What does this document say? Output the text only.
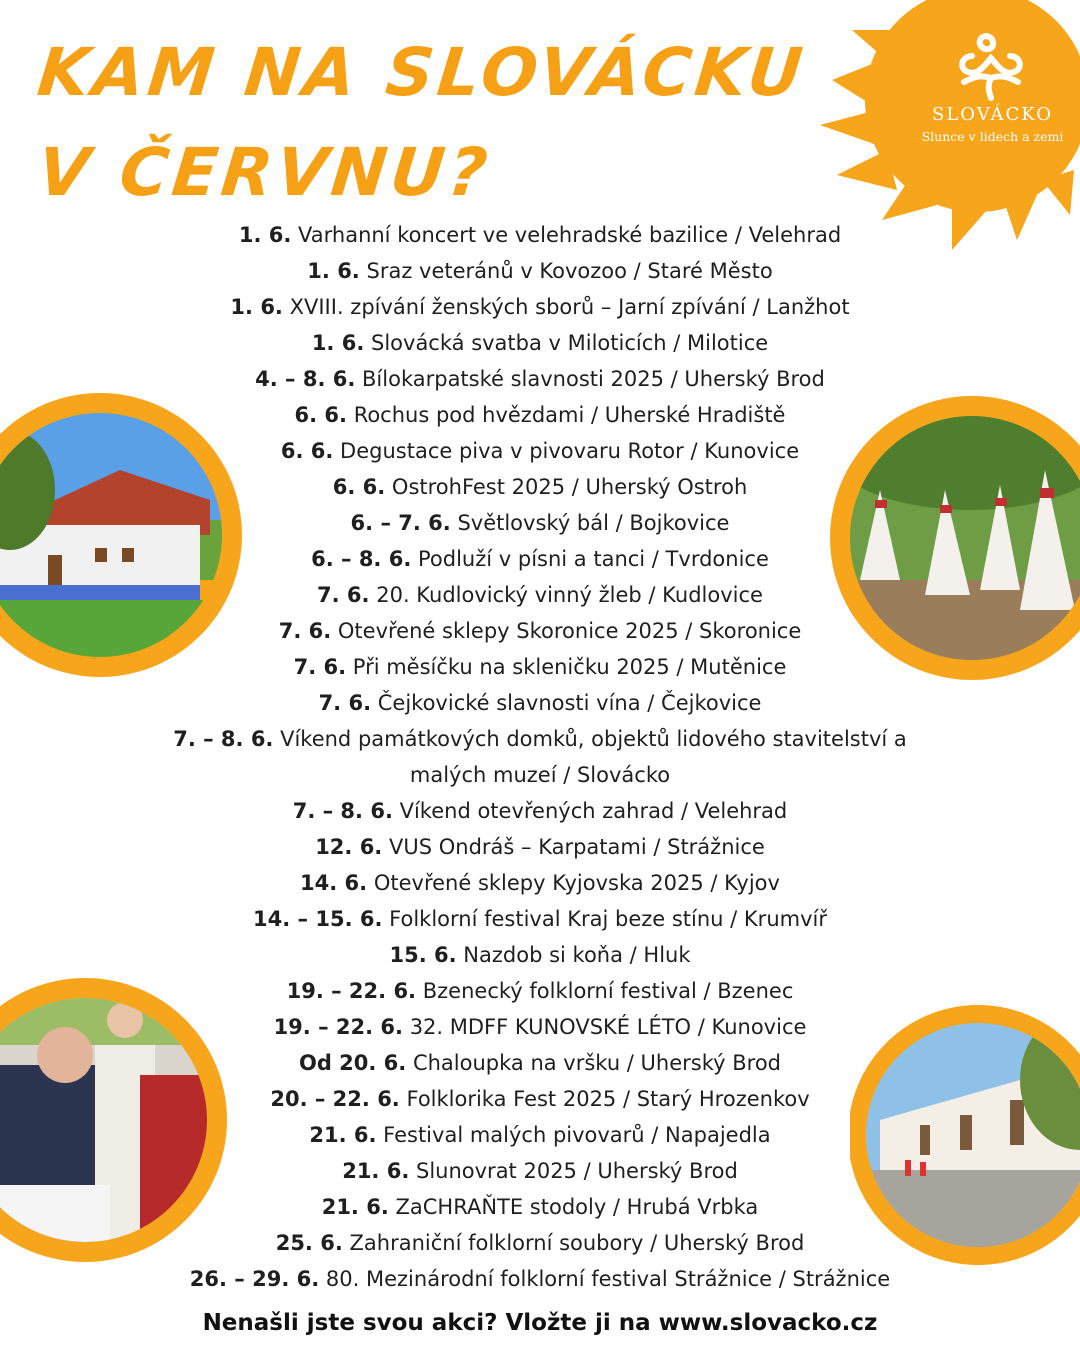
KAM NA SLOVÁCKU
V ČERVNU?
SLOVÁCKO
Slunce v lidech a zemi
1. 6. Varhanní koncert ve velehradské bazilice / Velehrad
1. 6. Sraz veteránů v Kovozoo / Staré Město
1. 6. XVIII. zpívání ženských sborů – Jarní zpívání / Lanžhot
1. 6. Slovácká svatba v Miloticích / Milotice
4. – 8. 6. Bílokarpatské slavnosti 2025 / Uherský Brod
6. 6. Rochus pod hvězdami / Uherské Hradiště
6. 6. Degustace piva v pivovaru Rotor / Kunovice
6. 6. OstrohFest 2025 / Uherský Ostroh
6. – 7. 6. Světlovský bál / Bojkovice
6. – 8. 6. Podluží v písni a tanci / Tvrdonice
7. 6. 20. Kudlovický vinný žleb / Kudlovice
7. 6. Otevřené sklepy Skoronice 2025 / Skoronice
7. 6. Při měsíčku na skleničku 2025 / Mutěnice
7. 6. Čejkovické slavnosti vína / Čejkovice
7. – 8. 6. Víkend památkových domků, objektů lidového stavitelství a malých muzeí / Slovácko
7. – 8. 6. Víkend otevřených zahrad / Velehrad
12. 6. VUS Ondráš – Karpatami / Strážnice
14. 6. Otevřené sklepy Kyjovska 2025 / Kyjov
14. – 15. 6. Folklorní festival Kraj beze stínu / Krumvíř
15. 6. Nazdob si koňa / Hluk
19. – 22. 6. Bzenecký folklorní festival / Bzenec
19. – 22. 6. 32. MDFF KUNOVSKÉ LÉTO / Kunovice
Od 20. 6. Chaloupka na vršku / Uherský Brod
20. – 22. 6. Folklorika Fest 2025 / Starý Hrozenkov
21. 6. Festival malých pivovarů / Napajedla
21. 6. Slunovrat 2025 / Uherský Brod
21. 6. ZaCHRAŇTE stodoly / Hrubá Vrbka
25. 6. Zahraniční folklorní soubory / Uherský Brod
26. – 29. 6. 80. Mezinárodní folklorní festival Strážnice / Strážnice
Nenašli jste svou akci? Vložte ji na www.slovacko.cz
